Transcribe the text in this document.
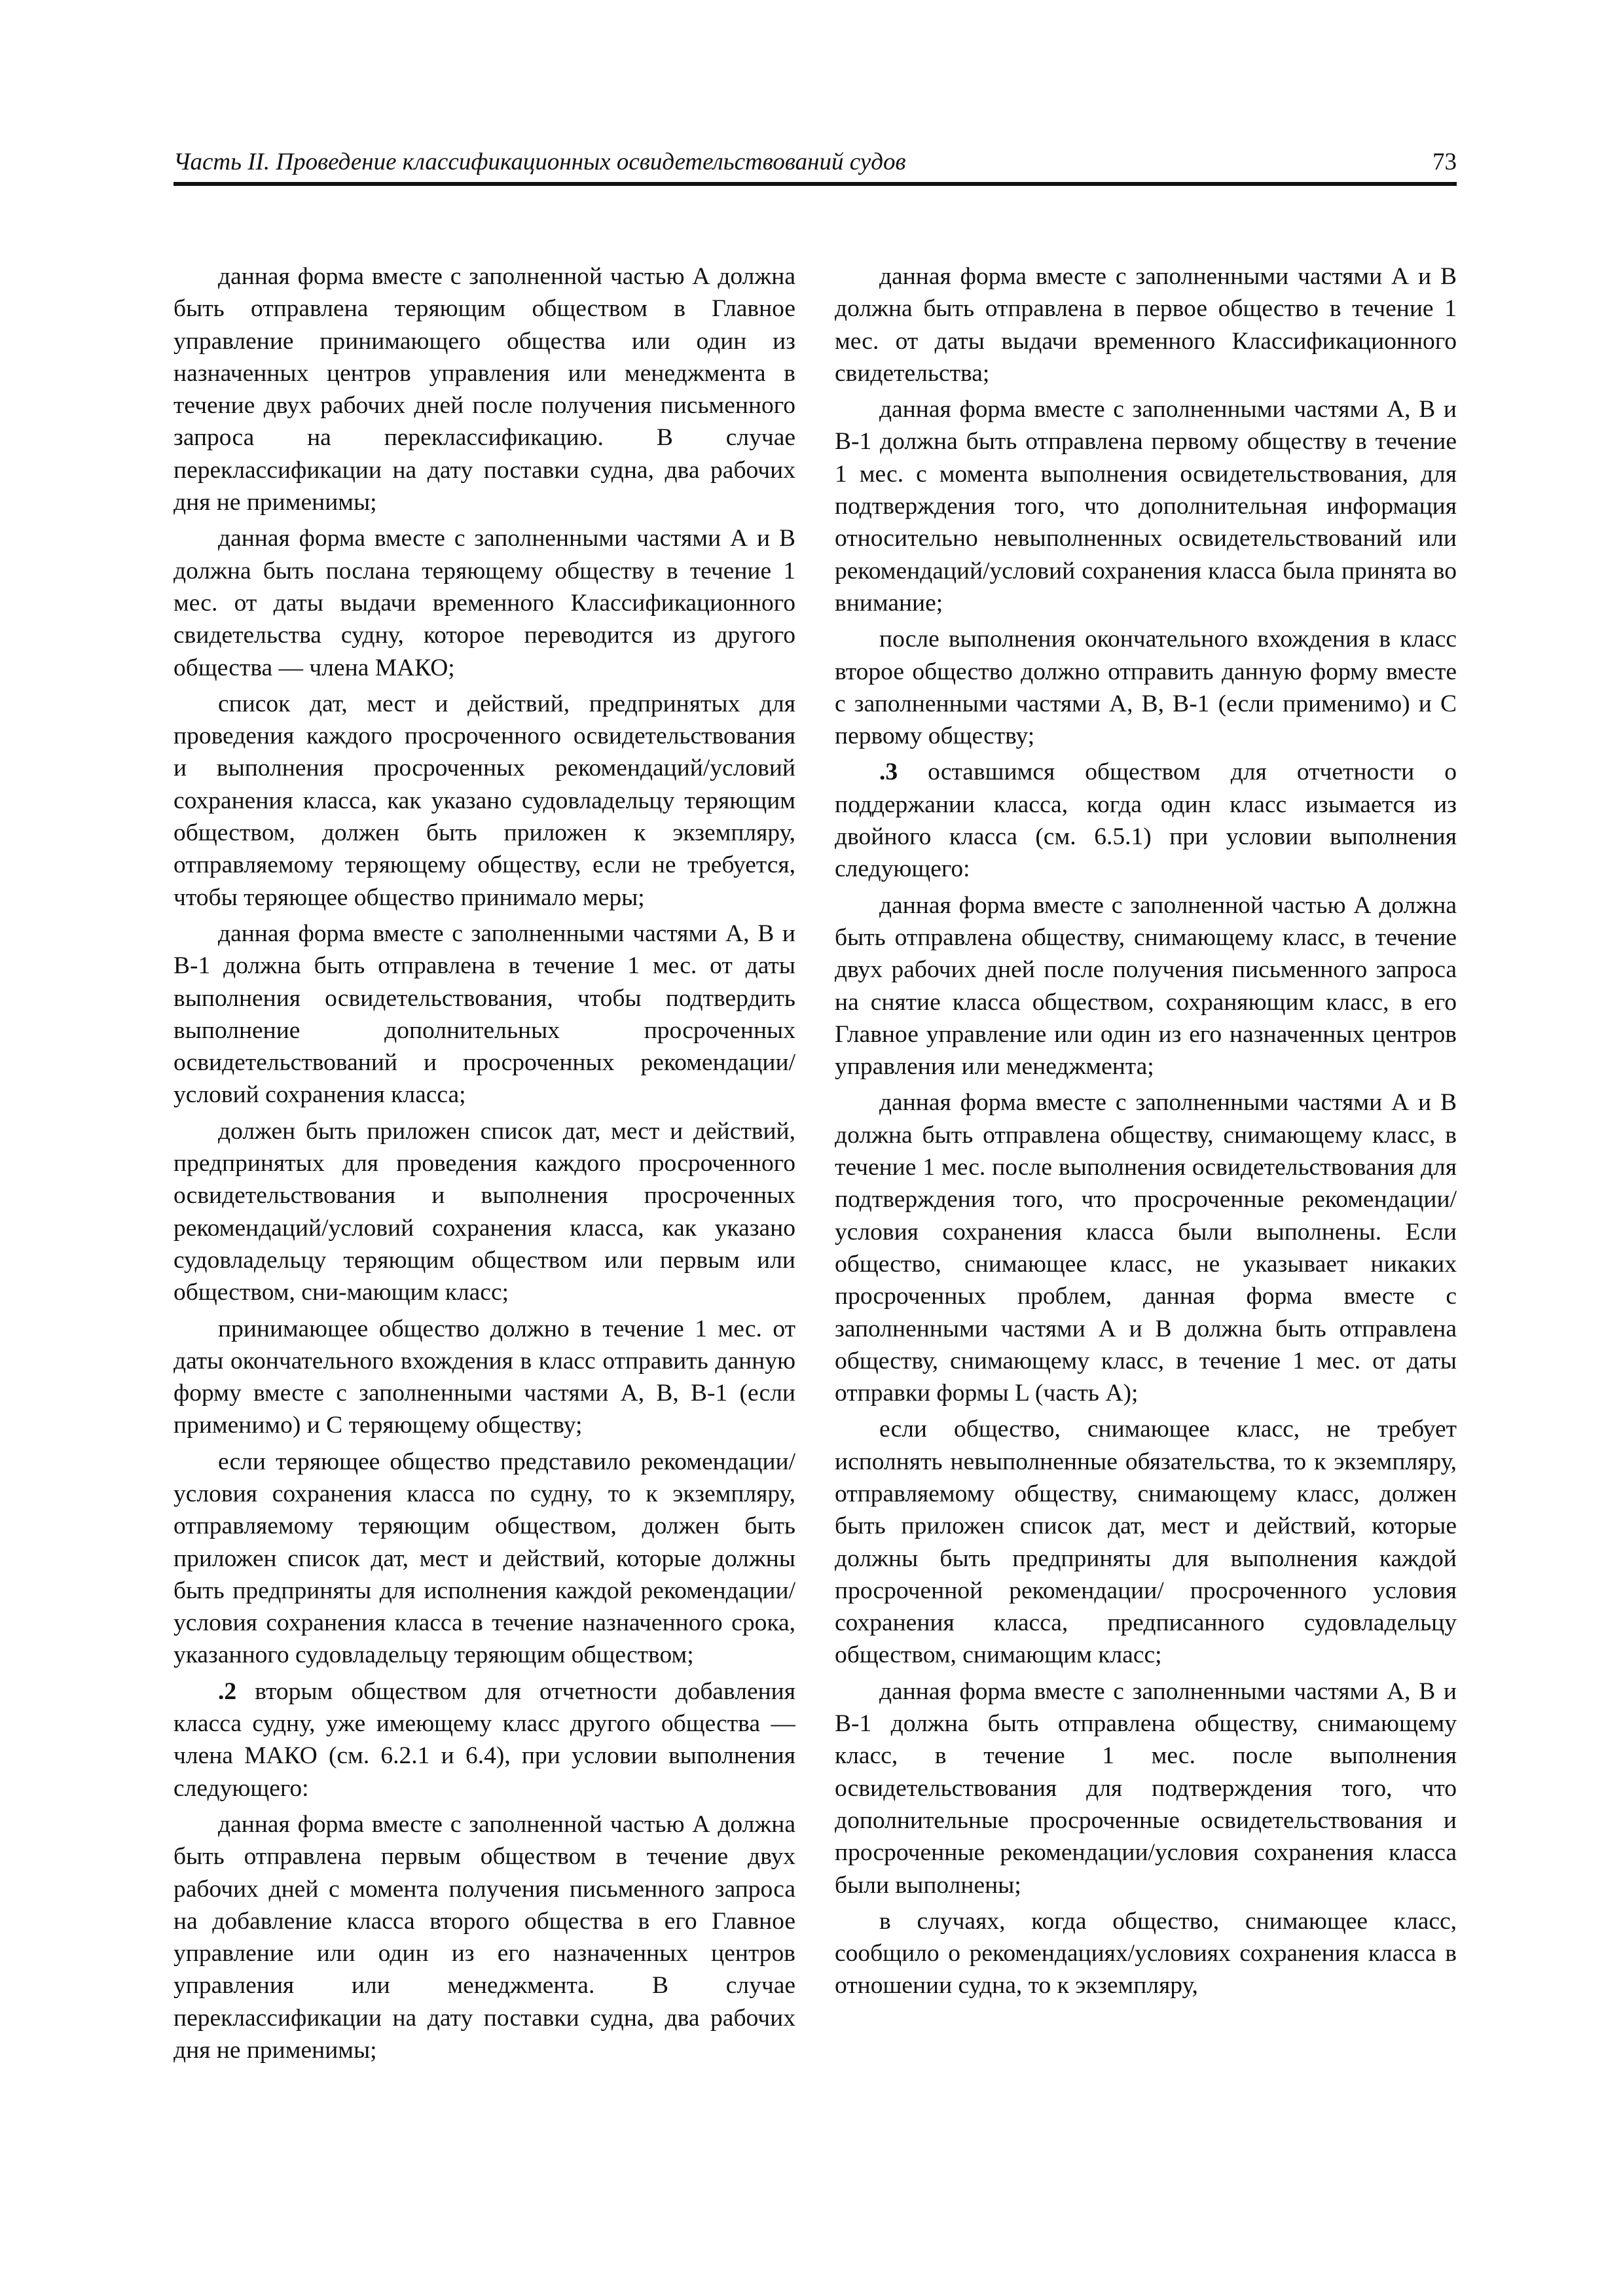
Часть II. Проведение классификационных освидетельствований судов	73

данная форма вместе с заполненной частью А должна быть отправлена теряющим обществом в Главное управление принимающего общества или один из назначенных центров управления или менеджмента в течение двух рабочих дней после получения письменного запроса на переклассификацию. В случае переклассификации на дату поставки судна, два рабочих дня не применимы;

данная форма вместе с заполненными частями А и В должна быть послана теряющему обществу в течение 1 мес. от даты выдачи временного Классификационного свидетельства судну, которое переводится из другого общества — члена МАКО;

список дат, мест и действий, предпринятых для проведения каждого просроченного освидетельствования и выполнения просроченных рекомендаций/условий сохранения класса, как указано судовладельцу теряющим обществом, должен быть приложен к экземпляру, отправляемому теряющему обществу, если не требуется, чтобы теряющее общество принимало меры;

данная форма вместе с заполненными частями А, В и В-1 должна быть отправлена в течение 1 мес. от даты выполнения освидетельствования, чтобы подтвердить выполнение дополнительных просроченных освидетельствований и просроченных рекомендации/условий сохранения класса;

должен быть приложен список дат, мест и действий, предпринятых для проведения каждого просроченного освидетельствования и выполнения просроченных рекомендаций/условий сохранения класса, как указано судовладельцу теряющим обществом или первым или обществом, сни-мающим класс;

принимающее общество должно в течение 1 мес. от даты окончательного вхождения в класс отправить данную форму вместе с заполненными частями А, В, В-1 (если применимо) и С теряющему обществу;

если теряющее общество представило рекомендации/условия сохранения класса по судну, то к экземпляру, отправляемому теряющим обществом, должен быть приложен список дат, мест и действий, которые должны быть предприняты для исполнения каждой рекомендации/условия сохранения класса в течение назначенного срока, указанного судовладельцу теряющим обществом;

.2 вторым обществом для отчетности добавления класса судну, уже имеющему класс другого общества — члена МАКО (см. 6.2.1 и 6.4), при условии выполнения следующего:

данная форма вместе с заполненной частью А должна быть отправлена первым обществом в течение двух рабочих дней с момента получения письменного запроса на добавление класса второго общества в его Главное управление или один из его назначенных центров управления или менеджмента. В случае переклассификации на дату поставки судна, два рабочих дня не применимы;

данная форма вместе с заполненными частями А и В должна быть отправлена в первое общество в течение 1 мес. от даты выдачи временного Классификационного свидетельства;

данная форма вместе с заполненными частями А, В и В-1 должна быть отправлена первому обществу в течение 1 мес. с момента выполнения освидетельствования, для подтверждения того, что дополнительная информация относительно невыполненных освидетельствований или рекомендаций/условий сохранения класса была принята во внимание;

после выполнения окончательного вхождения в класс второе общество должно отправить данную форму вместе с заполненными частями А, В, В-1 (если применимо) и С первому обществу;

.3 оставшимся обществом для отчетности о поддержании класса, когда один класс изымается из двойного класса (см. 6.5.1) при условии выполнения следующего:

данная форма вместе с заполненной частью А должна быть отправлена обществу, снимающему класс, в течение двух рабочих дней после получения письменного запроса на снятие класса обществом, сохраняющим класс, в его Главное управление или один из его назначенных центров управления или менеджмента;

данная форма вместе с заполненными частями А и В должна быть отправлена обществу, снимающему класс, в течение 1 мес. после выполнения освидетельствования для подтверждения того, что просроченные рекомендации/условия сохранения класса были выполнены. Если общество, снимающее класс, не указывает никаких просроченных проблем, данная форма вместе с заполненными частями А и В должна быть отправлена обществу, снимающему класс, в течение 1 мес. от даты отправки формы L (часть А);

если общество, снимающее класс, не требует исполнять невыполненные обязательства, то к экземпляру, отправляемому обществу, снимающему класс, должен быть приложен список дат, мест и действий, которые должны быть предприняты для выполнения каждой просроченной рекомендации/ просроченного условия сохранения класса, предписанного судовладельцу обществом, снимающим класс;

данная форма вместе с заполненными частями А, В и В-1 должна быть отправлена обществу, снимающему класс, в течение 1 мес. после выполнения освидетельствования для подтверждения того, что дополнительные просроченные освидетельствования и просроченные рекомендации/условия сохранения класса были выполнены;

в случаях, когда общество, снимающее класс, сообщило о рекомендациях/условиях сохранения класса в отношении судна, то к экземпляру,
